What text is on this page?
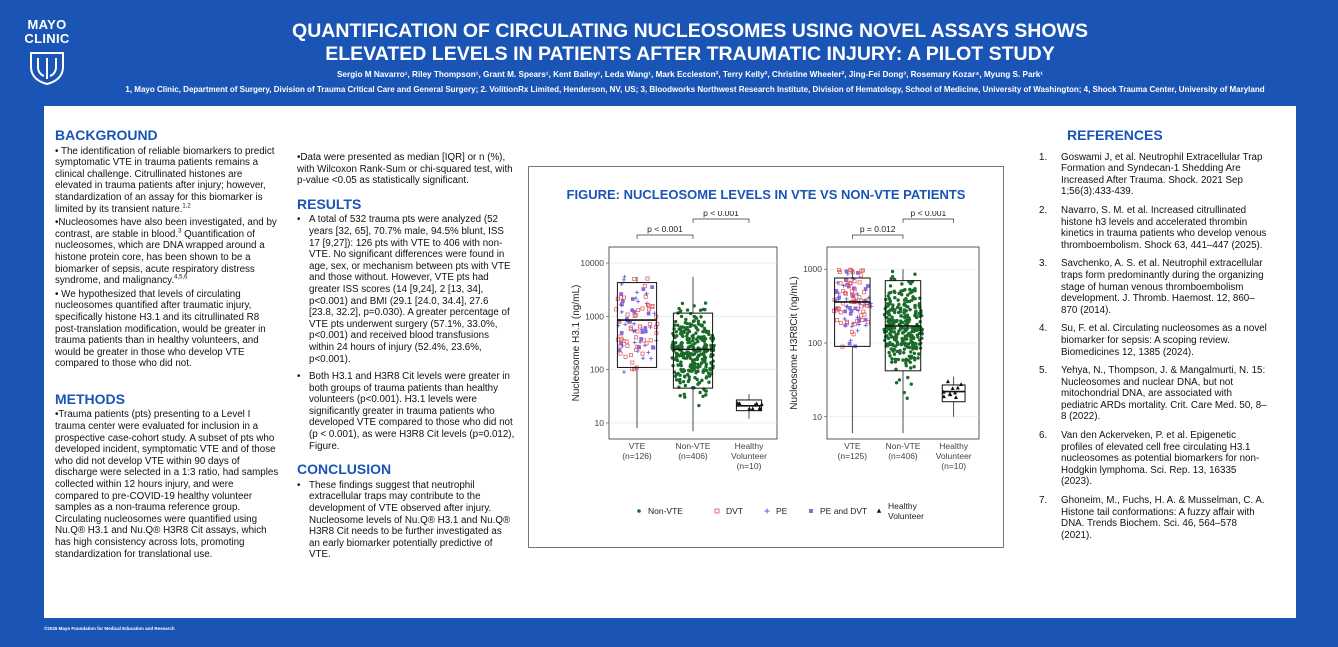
MAYO
CLINIC	QUANTIFICATION OF CIRCULATING NUCLEOSOMES USING NOVEL ASSAYS SHOWS
ELEVATED LEVELS IN PATIENTS AFTER TRAUMATIC INJURY: A PILOT STUDY
Sergio M Navarro¹, Riley Thompson¹, Grant M. Spears¹, Kent Bailey¹, Leda Wang¹, Mark Eccleston², Terry Kelly², Christine Wheeler², Jing-Fei Dong³, Rosemary Kozar⁴, Myung S. Park¹
1, Mayo Clinic, Department of Surgery, Division of Trauma Critical Care and General Surgery; 2. VolitionRx Limited, Henderson, NV, US; 3, Bloodworks Northwest Research Institute, Division of Hematology, School of Medicine, University of Washington; 4, Shock Trauma Center, University of Maryland
BACKGROUND
• The identification of reliable biomarkers to predict symptomatic VTE in trauma patients remains a clinical challenge. Citrullinated histones are elevated in trauma patients after injury; however, standardization of an assay for this biomarker is limited by its transient nature.$^{1,2}$
•Nucleosomes have also been investigated, and by contrast, are stable in blood.$^3$ Quantification of nucleosomes, which are DNA wrapped around a histone protein core, has been shown to be a biomarker of sepsis, acute respiratory distress syndrome, and malignancy.$^{4,5,6}$
• We hypothesized that levels of circulating nucleosomes quantified after traumatic injury, specifically histone H3.1 and its citrullinated R8 post-translation modification, would be greater in trauma patients than in healthy volunteers, and would be greater in those who develop VTE compared to those who did not.
METHODS
•Trauma patients (pts) presenting to a Level I trauma center were evaluated for inclusion in a prospective case-cohort study. A subset of pts who developed incident, symptomatic VTE and of those who did not develop VTE within 90 days of discharge were selected in a 1:3 ratio, had samples collected within 12 hours injury, and were compared to pre-COVID-19 healthy volunteer samples as a non-trauma reference group. Circulating nucleosomes were quantified using Nu.Q® H3.1 and Nu.Q® H3R8 Cit assays, which has high consistency across lots, promoting standardization for translational use.
•Data were presented as median [IQR] or n (%), with Wilcoxon Rank-Sum or chi-squared test, with p-value <0.05 as statistically significant.
RESULTS
• A total of 532 trauma pts were analyzed (52 years [32, 65], 70.7% male, 94.5% blunt, ISS 17 [9,27]): 126 pts with VTE to 406 with non-VTE. No significant differences were found in age, sex, or mechanism between pts with VTE and those without. However, VTE pts had greater ISS scores (14 [9,24], 2 [13, 34], p<0.001) and BMI (29.1 [24.0, 34.4], 27.6 [23.8, 32.2], p=0.030). A greater percentage of VTE pts underwent surgery (57.1%, 33.0%, p<0.001) and received blood transfusions within 24 hours of injury (52.4%, 23.6%, p<0.001).
• Both H3.1 and H3R8 Cit levels were greater in both groups of trauma patients than healthy volunteers (p<0.001). H3.1 levels were significantly greater in trauma patients who developed VTE compared to those who did not (p < 0.001), as were H3R8 Cit levels (p=0.012), Figure.
CONCLUSION
• These findings suggest that neutrophil extracellular traps may contribute to the development of VTE observed after injury. Nucleosome levels of Nu.Q® H3.1 and Nu.Q® H3R8 Cit needs to be further investigated as an early biomarker potentially predictive of VTE.
FIGURE: NUCLEOSOME LEVELS IN VTE VS NON-VTE PATIENTS
10
100
1000
10000
Nucleosome H3.1 (ng/mL)
VTE
(n=126)
Non-VTE
(n=406)
Healthy
Volunteer
(n=10)
p < 0.001
p < 0.001
10
100
1000
Nucleosome H3R8Cit (ng/mL)
VTE
(n=125)
Non-VTE
(n=406)
Healthy
Volunteer
(n=10)
p = 0.012
p < 0.001
Non-VTE	DVT	PE	PE and DVT Healthy
Volunteer
REFERENCES
1. Goswami J, et al. Neutrophil Extracellular Trap Formation and Syndecan-1 Shedding Are Increased After Trauma. Shock. 2021 Sep 1;56(3):433-439.
2. Navarro, S. M. et al. Increased citrullinated histone h3 levels and accelerated thrombin kinetics in trauma patients who develop venous thromboembolism. Shock 63, 441–447 (2025).
3. Savchenko, A. S. et al. Neutrophil extracellular traps form predominantly during the organizing stage of human venous thromboembolism development. J. Thromb. Haemost. 12, 860–870 (2014).
4. Su, F. et al. Circulating nucleosomes as a novel biomarker for sepsis: A scoping review. Biomedicines 12, 1385 (2024).
5. Yehya, N., Thompson, J. & Mangalmurti, N. 15: Nucleosomes and nuclear DNA, but not mitochondrial DNA, are associated with pediatric ARDs mortality. Crit. Care Med. 50, 8–8 (2022).
6. Van den Ackerveken, P. et al. Epigenetic profiles of elevated cell free circulating H3.1 nucleosomes as potential biomarkers for non-Hodgkin lymphoma. Sci. Rep. 13, 16335 (2023).
7. Ghoneim, M., Fuchs, H. A. & Musselman, C. A. Histone tail conformations: A fuzzy affair with DNA. Trends Biochem. Sci. 46, 564–578 (2021).
©2025 Mayo Foundation for Medical Education and Research
